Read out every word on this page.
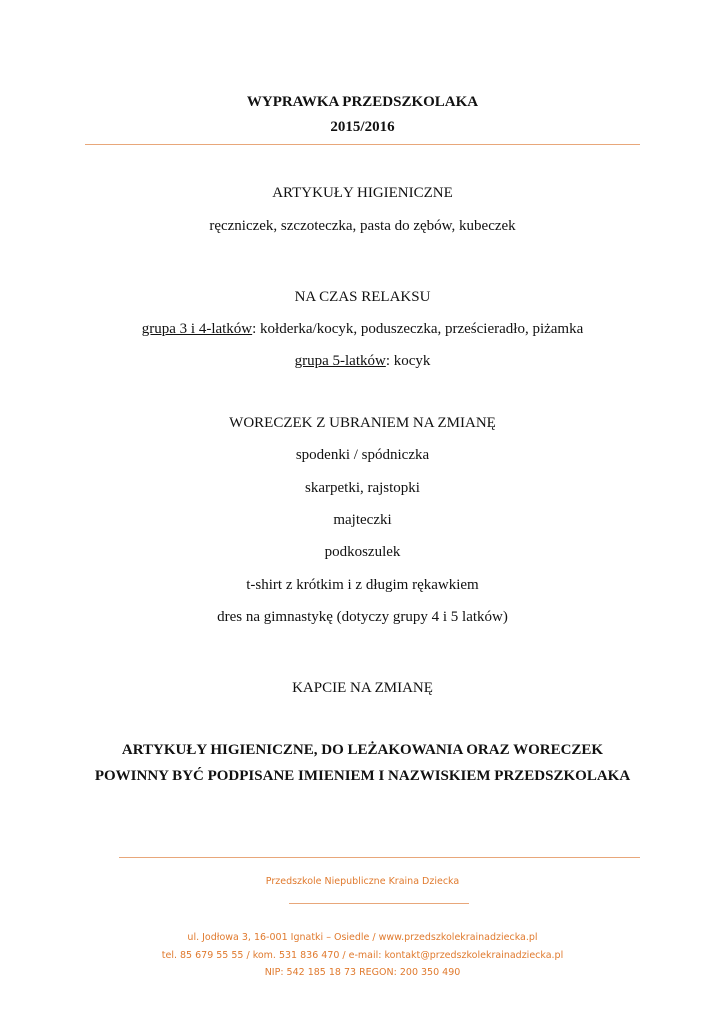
WYPRAWKA PRZEDSZKOLAKA
2015/2016
ARTYKUŁY HIGIENICZNE
ręczniczek, szczoteczka, pasta do zębów, kubeczek
NA CZAS RELAKSU
grupa 3 i 4-latków: kołderka/kocyk, poduszeczka, prześcieradło, piżamka
grupa 5-latków: kocyk
WORECZEK Z UBRANIEM NA ZMIANĘ
spodenki / spódniczka
skarpetki, rajstopki
majteczki
podkoszulek
t-shirt z krótkim i z długim rękawkiem
dres na gimnastykę (dotyczy grupy 4 i 5 latków)
KAPCIE NA ZMIANĘ
ARTYKUŁY HIGIENICZNE, DO LEŻAKOWANIA ORAZ WORECZEK
POWINNY BYĆ PODPISANE IMIENIEM I NAZWISKIEM PRZEDSZKOLAKA
Przedszkole Niepubliczne Kraina Dziecka
ul. Jodłowa 3, 16-001 Ignatki – Osiedle / www.przedszkolekrainadziecka.pl
tel. 85 679 55 55 / kom. 531 836 470 / e-mail: kontakt@przedszkolekrainadziecka.pl
NIP: 542 185 18 73 REGON: 200 350 490
